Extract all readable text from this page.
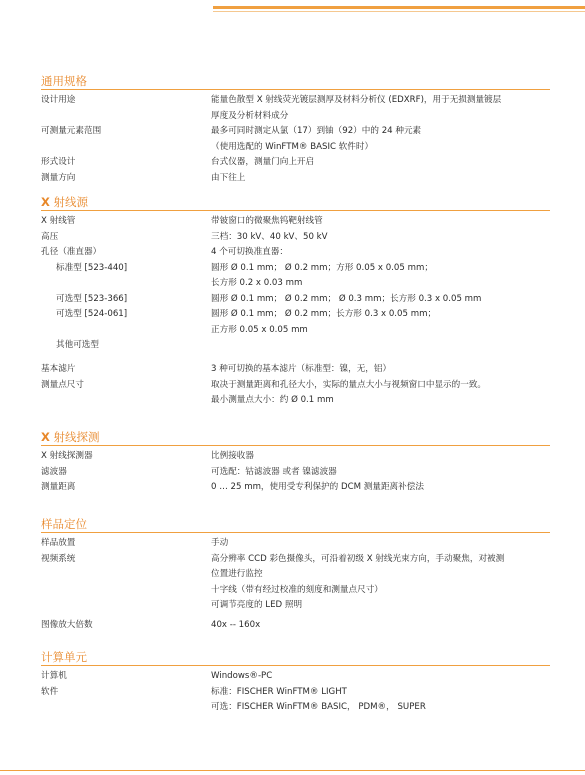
通用规格
设计用途	能量色散型 X 射线荧光镀层测厚及材料分析仪 (EDXRF)，用于无损测量镀层
厚度及分析材料成分
可测量元素范围	最多可同时测定从氯（17）到铀（92）中的 24 种元素
（使用选配的 WinFTM® BASIC 软件时）
形式设计	台式仪器，测量门向上开启
测量方向	由下往上
X 射线源
X 射线管	带铍窗口的微聚焦钨靶射线管
高压	三档：30 kV、40 kV、50 kV
孔径（准直器）	4 个可切换准直器：
标准型 [523-440]	圆形 Ø 0.1 mm； Ø 0.2 mm；方形 0.05 x 0.05 mm；
长方形 0.2 x 0.03 mm
可选型 [523-366]	圆形 Ø 0.1 mm； Ø 0.2 mm； Ø 0.3 mm；长方形 0.3 x 0.05 mm
可选型 [524-061]	圆形 Ø 0.1 mm； Ø 0.2 mm；长方形 0.3 x 0.05 mm；
正方形 0.05 x 0.05 mm
其他可选型
基本滤片	3 种可切换的基本滤片（标准型：镍，无，铝）
测量点尺寸	取决于测量距离和孔径大小，实际的量点大小与视频窗口中显示的一致。
最小测量点大小：约 Ø 0.1 mm
X 射线探测
X 射线探测器	比例接收器
滤波器	可选配：钴滤波器 或者 镍滤波器
测量距离	0 … 25 mm，使用受专利保护的 DCM 测量距离补偿法
样品定位
样品放置	手动
视频系统	高分辨率 CCD 彩色摄像头，可沿着初级 X 射线光束方向，手动聚焦，对被测
位置进行监控
十字线（带有经过校准的刻度和测量点尺寸）
可调节亮度的 LED 照明
图像放大倍数	40x -- 160x
计算单元
计算机	Windows®-PC
软件	标准：FISCHER WinFTM® LIGHT
可选：FISCHER WinFTM® BASIC， PDM®， SUPER
